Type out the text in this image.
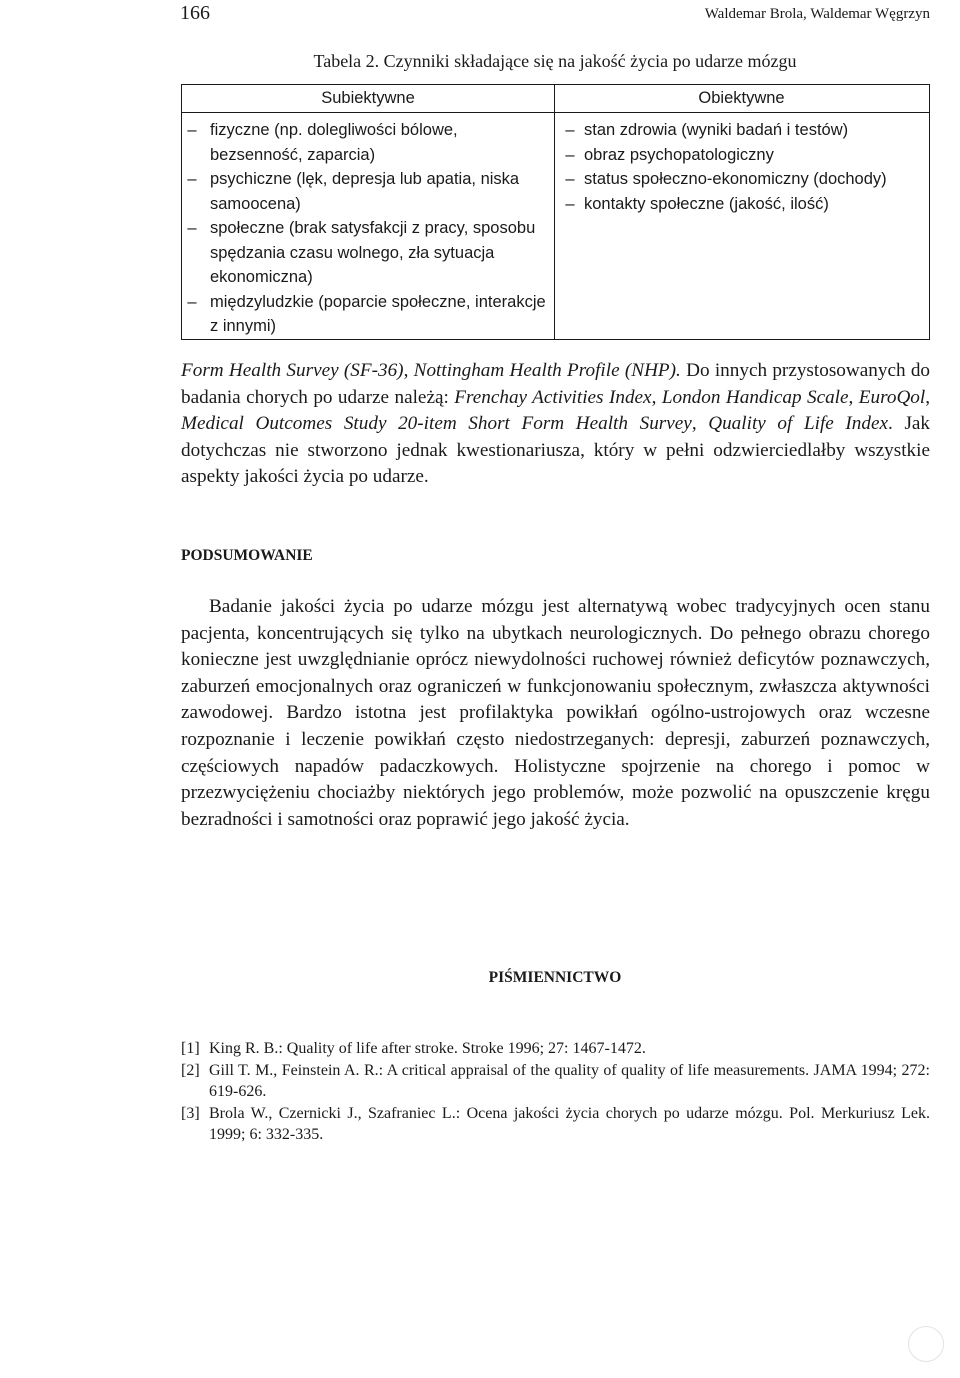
166	Waldemar Brola, Waldemar Węgrzyn
Tabela 2. Czynniki składające się na jakość życia po udarze mózgu
Subiektywne	Obiektywne
– fizyczne (np. dolegliwości bólowe, bezsenność, zaparcia)
– psychiczne (lęk, depresja lub apatia, niska samoocena)
– społeczne (brak satysfakcji z pracy, sposobu spędzania czasu wolnego, zła sytuacja ekonomiczna)
– międzyludzkie (poparcie społeczne, interakcje z innymi)
– stan zdrowia (wyniki badań i testów)
– obraz psychopatologiczny
– status społeczno-ekonomiczny (dochody)
– kontakty społeczne (jakość, ilość)
Form Health Survey (SF-36), Nottingham Health Profile (NHP). Do innych przystosowanych do badania chorych po udarze należą: Frenchay Activities Index, London Handicap Scale, EuroQol, Medical Outcomes Study 20-item Short Form Health Survey, Quality of Life Index. Jak dotychczas nie stworzono jednak kwestionariusza, który w pełni odzwierciedlałby wszystkie aspekty jakości życia po udarze.
PODSUMOWANIE
Badanie jakości życia po udarze mózgu jest alternatywą wobec tradycyjnych ocen stanu pacjenta, koncentrujących się tylko na ubytkach neurologicznych. Do pełnego obrazu chorego konieczne jest uwzględnianie oprócz niewydolności ruchowej również deficytów poznawczych, zaburzeń emocjonalnych oraz ograniczeń w funkcjonowaniu społecznym, zwłaszcza aktywności zawodowej. Bardzo istotna jest profilaktyka powikłań ogólno-ustrojowych oraz wczesne rozpoznanie i leczenie powikłań często niedostrzeganych: depresji, zaburzeń poznawczych, częściowych napadów padaczkowych. Holistyczne spojrzenie na chorego i pomoc w przezwyciężeniu chociażby niektórych jego problemów, może pozwolić na opuszczenie kręgu bezradności i samotności oraz poprawić jego jakość życia.
PIŚMIENNICTWO
[1] King R. B.: Quality of life after stroke. Stroke 1996; 27: 1467-1472.
[2] Gill T. M., Feinstein A. R.: A critical appraisal of the quality of quality of life measurements. JAMA 1994; 272: 619-626.
[3] Brola W., Czernicki J., Szafraniec L.: Ocena jakości życia chorych po udarze mózgu. Pol. Merkuriusz Lek. 1999; 6: 332-335.
